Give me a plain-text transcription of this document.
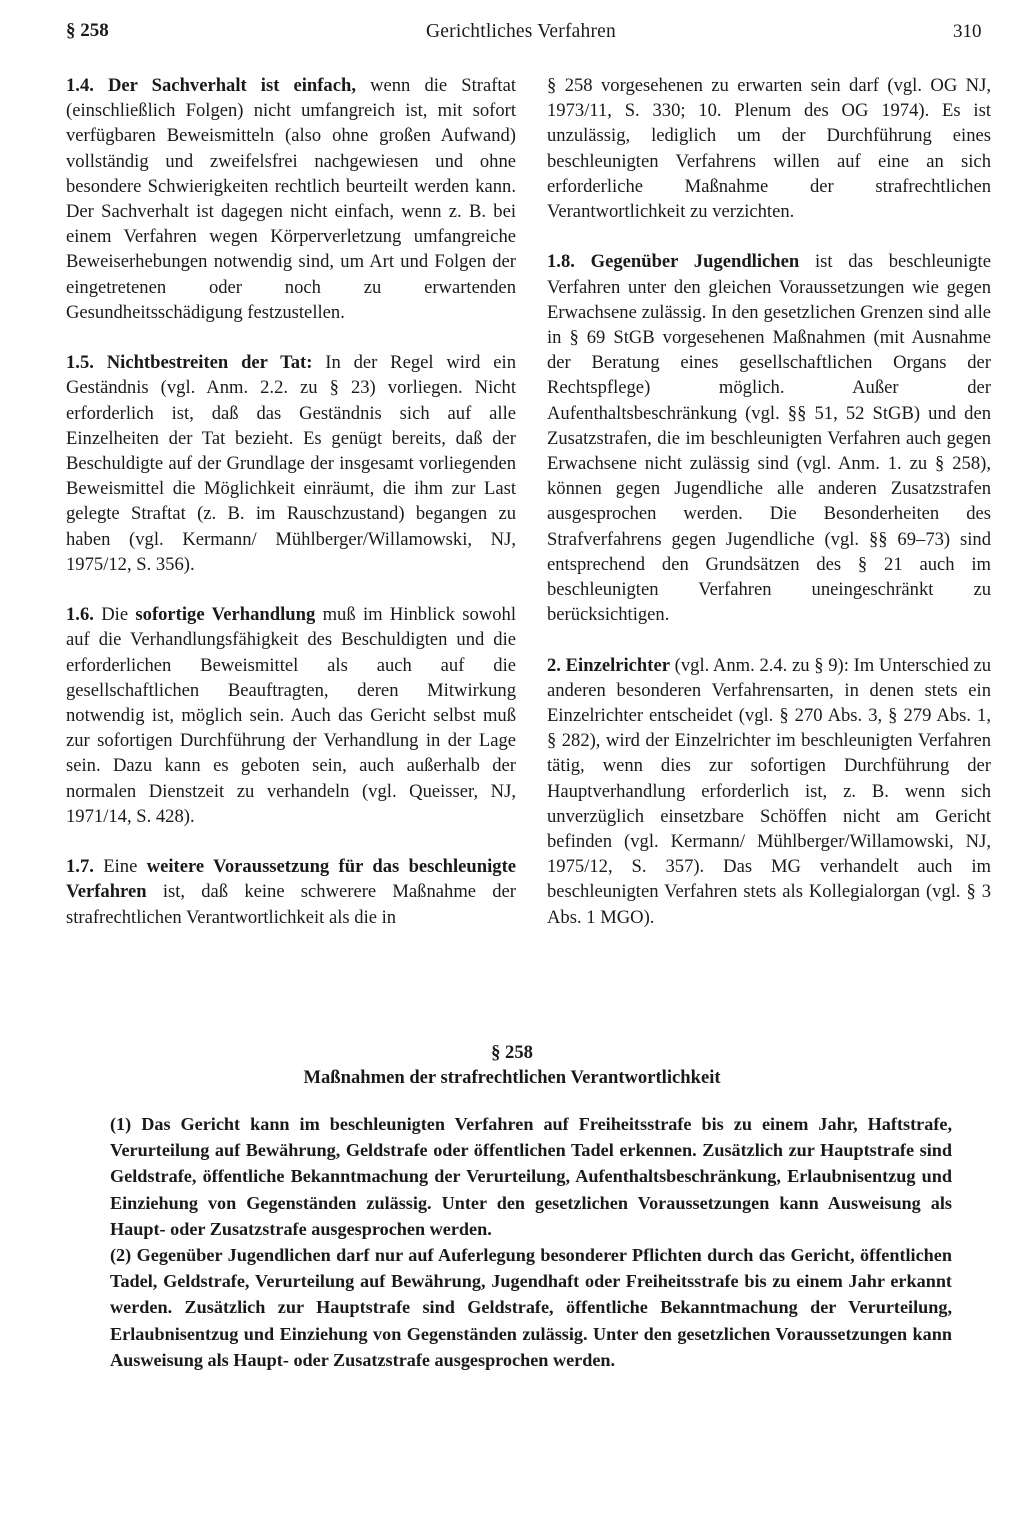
§ 258	Gerichtliches Verfahren	310

1.4. Der Sachverhalt ist einfach, wenn die Straftat (einschließlich Folgen) nicht umfangreich ist, mit sofort verfügbaren Beweismitteln (also ohne großen Aufwand) vollständig und zweifelsfrei nachgewiesen und ohne besondere Schwierigkeiten rechtlich beurteilt werden kann. Der Sachverhalt ist dagegen nicht einfach, wenn z. B. bei einem Verfahren wegen Körperverletzung umfangreiche Beweiserhebungen notwendig sind, um Art und Folgen der eingetretenen oder noch zu erwartenden Gesundheitsschädigung festzustellen.

1.5. Nichtbestreiten der Tat: In der Regel wird ein Geständnis (vgl. Anm. 2.2. zu § 23) vorliegen. Nicht erforderlich ist, daß das Geständnis sich auf alle Einzelheiten der Tat bezieht. Es genügt bereits, daß der Beschuldigte auf der Grundlage der insgesamt vorliegenden Beweismittel die Möglichkeit einräumt, die ihm zur Last gelegte Straftat (z. B. im Rauschzustand) begangen zu haben (vgl. Kermann/ Mühlberger/Willamowski, NJ, 1975/12, S. 356).

1.6. Die sofortige Verhandlung muß im Hinblick sowohl auf die Verhandlungsfähigkeit des Beschuldigten und die erforderlichen Beweismittel als auch auf die gesellschaftlichen Beauftragten, deren Mitwirkung notwendig ist, möglich sein. Auch das Gericht selbst muß zur sofortigen Durchführung der Verhandlung in der Lage sein. Dazu kann es geboten sein, auch außerhalb der normalen Dienstzeit zu verhandeln (vgl. Queisser, NJ, 1971/14, S. 428).

1.7. Eine weitere Voraussetzung für das beschleunigte Verfahren ist, daß keine schwerere Maßnahme der strafrechtlichen Verantwortlichkeit als die in

§ 258 vorgesehenen zu erwarten sein darf (vgl. OG NJ, 1973/11, S. 330; 10. Plenum des OG 1974). Es ist unzulässig, lediglich um der Durchführung eines beschleunigten Verfahrens willen auf eine an sich erforderliche Maßnahme der strafrechtlichen Verantwortlichkeit zu verzichten.

1.8. Gegenüber Jugendlichen ist das beschleunigte Verfahren unter den gleichen Voraussetzungen wie gegen Erwachsene zulässig. In den gesetzlichen Grenzen sind alle in § 69 StGB vorgesehenen Maßnahmen (mit Ausnahme der Beratung eines gesellschaftlichen Organs der Rechtspflege) möglich. Außer der Aufenthaltsbeschränkung (vgl. §§ 51, 52 StGB) und den Zusatzstrafen, die im beschleunigten Verfahren auch gegen Erwachsene nicht zulässig sind (vgl. Anm. 1. zu § 258), können gegen Jugendliche alle anderen Zusatzstrafen ausgesprochen werden. Die Besonderheiten des Strafverfahrens gegen Jugendliche (vgl. §§ 69–73) sind entsprechend den Grundsätzen des § 21 auch im beschleunigten Verfahren uneingeschränkt zu berücksichtigen.

2. Einzelrichter (vgl. Anm. 2.4. zu § 9): Im Unterschied zu anderen besonderen Verfahrensarten, in denen stets ein Einzelrichter entscheidet (vgl. § 270 Abs. 3, § 279 Abs. 1, § 282), wird der Einzelrichter im beschleunigten Verfahren tätig, wenn dies zur sofortigen Durchführung der Hauptverhandlung erforderlich ist, z. B. wenn sich unverzüglich einsetzbare Schöffen nicht am Gericht befinden (vgl. Kermann/ Mühlberger/Willamowski, NJ, 1975/12, S. 357). Das MG verhandelt auch im beschleunigten Verfahren stets als Kollegialorgan (vgl. § 3 Abs. 1 MGO).

§ 258
Maßnahmen der strafrechtlichen Verantwortlichkeit

(1) Das Gericht kann im beschleunigten Verfahren auf Freiheitsstrafe bis zu einem Jahr, Haftstrafe, Verurteilung auf Bewährung, Geldstrafe oder öffentlichen Tadel erkennen. Zusätzlich zur Hauptstrafe sind Geldstrafe, öffentliche Bekanntmachung der Verurteilung, Aufenthaltsbeschränkung, Erlaubnisentzug und Einziehung von Gegenständen zulässig. Unter den gesetzlichen Voraussetzungen kann Ausweisung als Haupt- oder Zusatzstrafe ausgesprochen werden.

(2) Gegenüber Jugendlichen darf nur auf Auferlegung besonderer Pflichten durch das Gericht, öffentlichen Tadel, Geldstrafe, Verurteilung auf Bewährung, Jugendhaft oder Freiheitsstrafe bis zu einem Jahr erkannt werden. Zusätzlich zur Hauptstrafe sind Geldstrafe, öffentliche Bekanntmachung der Verurteilung, Erlaubnisentzug und Einziehung von Gegenständen zulässig. Unter den gesetzlichen Voraussetzungen kann Ausweisung als Haupt- oder Zusatzstrafe ausgesprochen werden.
